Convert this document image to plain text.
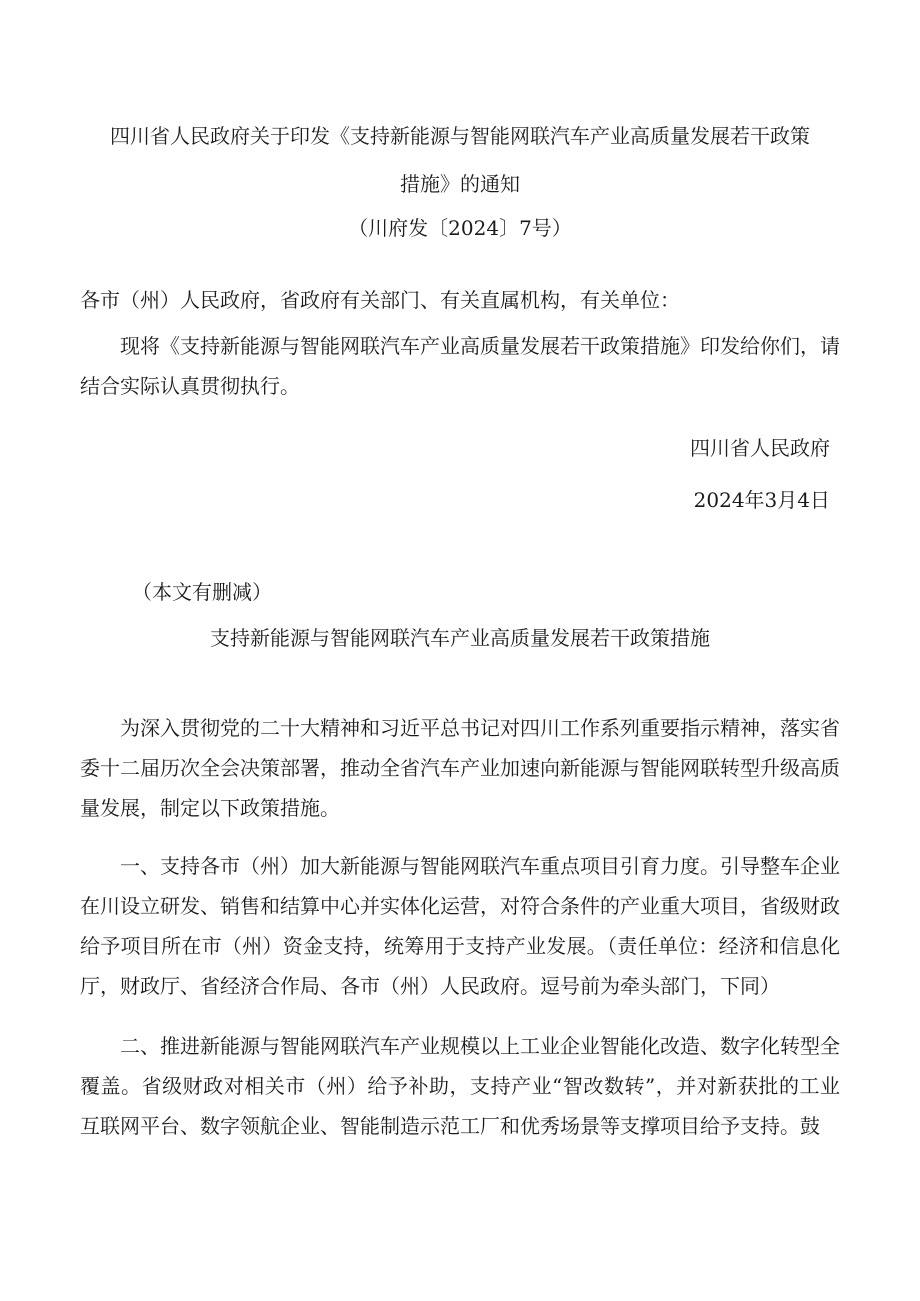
四川省人民政府关于印发《支持新能源与智能网联汽车产业高质量发展若干政策
措施》的通知
（川府发〔2024〕7号）
各市（州）人民政府，省政府有关部门、有关直属机构，有关单位：
现将《支持新能源与智能网联汽车产业高质量发展若干政策措施》印发给你们，请结合实际认真贯彻执行。
四川省人民政府
2024年3月4日
（本文有删减）
支持新能源与智能网联汽车产业高质量发展若干政策措施
为深入贯彻党的二十大精神和习近平总书记对四川工作系列重要指示精神，落实省委十二届历次全会决策部署，推动全省汽车产业加速向新能源与智能网联转型升级高质量发展，制定以下政策措施。
一、支持各市（州）加大新能源与智能网联汽车重点项目引育力度。引导整车企业在川设立研发、销售和结算中心并实体化运营，对符合条件的产业重大项目，省级财政给予项目所在市（州）资金支持，统筹用于支持产业发展。（责任单位：经济和信息化厅，财政厅、省经济合作局、各市（州）人民政府。逗号前为牵头部门，下同）
二、推进新能源与智能网联汽车产业规模以上工业企业智能化改造、数字化转型全覆盖。省级财政对相关市（州）给予补助，支持产业“智改数转”，并对新获批的工业互联网平台、数字领航企业、智能制造示范工厂和优秀场景等支撑项目给予支持。鼓
